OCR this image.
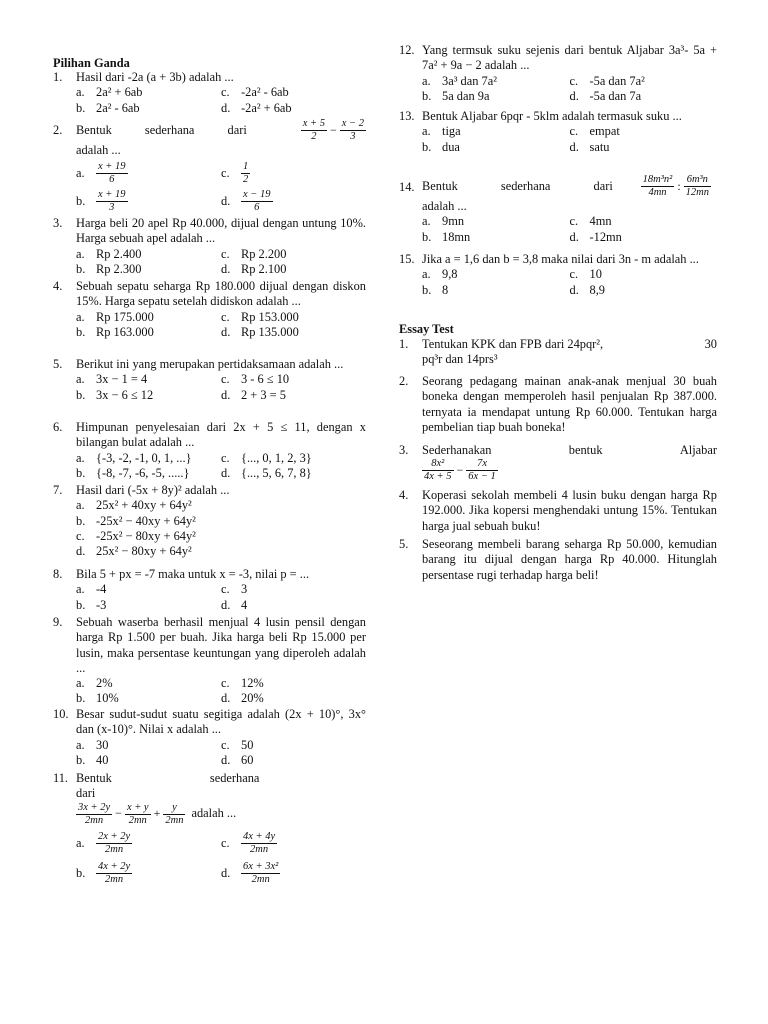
Pilihan Ganda
1. Hasil dari -2a (a + 3b) adalah ...
a. 2a² + 6ab	c. -2a² - 6ab
b. 2a² - 6ab	d. -2a² + 6ab
2. Bentuk sederhana dari	$\frac{x + 5}{2} - \frac{x - 2}{3}$
adalah ...
a.	$\frac{x + 19}{6}$	c.	$\frac{1}{2}$
b.	$\frac{x + 19}{3}$	d.	$\frac{x - 19}{6}$
3. Harga beli 20 apel Rp 40.000, dijual dengan untung 10%. Harga sebuah apel adalah ...
a. Rp 2.400	c. Rp 2.200
b. Rp 2.300	d. Rp 2.100
4. Sebuah sepatu seharga Rp 180.000 dijual dengan diskon 15%. Harga sepatu setelah didiskon adalah ...
a. Rp 175.000	c. Rp 153.000
b. Rp 163.000	d. Rp 135.000
5. Berikut ini yang merupakan pertidaksamaan adalah ...
a. 3x − 1 = 4	c. 3 - 6 ≤ 10
b. 3x − 6 ≤ 12	d. 2 + 3 = 5
6. Himpunan penyelesaian dari 2x + 5 ≤ 11, dengan x bilangan bulat adalah ...
a. {-3, -2, -1, 0, 1, ...} c. {..., 0, 1, 2, 3}
b. {-8, -7, -6, -5, .....}	d. {..., 5, 6, 7, 8}
7. Hasil dari (-5x + 8y)² adalah ...
a. 25x² + 40xy + 64y²
b. -25x² − 40xy + 64y²
c. -25x² − 80xy + 64y²
d. 25x² − 80xy + 64y²
8. Bila 5 + px = -7 maka untuk x = -3, nilai p = ...
a. -4	c. 3
b. -3	d. 4
9. Sebuah waserba berhasil menjual 4 lusin pensil dengan harga Rp 1.500 per buah. Jika harga beli Rp 15.000 per lusin, maka persentase keuntungan yang diperoleh adalah ...
a. 2%	c. 12%
b. 10%	d. 20%
10. Besar sudut-sudut suatu segitiga adalah (2x + 10)°, 3x° dan (x-10)°. Nilai x adalah ...
a. 30	c. 50
b. 40	d. 60
11. Bentuk sederhana dari
$\frac{3x + 2y}{2mn} - \frac{x + y}{2mn} + \frac{y}{2mn}$ adalah ...
a.	$\frac{2x + 2y}{2mn}$	c.	$\frac{4x + 4y}{2mn}$
b.	$\frac{4x + 2y}{2mn}$	d.	$\frac{\text{6x + 3x²}}{2mn}$
12. Yang termsuk suku sejenis dari bentuk Aljabar 3a³- 5a + 7a² + 9a − 2 adalah ...
a. 3a³ dan 7a²	c. -5a dan 7a²
b. 5a dan 9a	d. -5a dan 7a
13. Bentuk Aljabar 6pqr - 5klm adalah termasuk suku ...
a. tiga	c. empat
b. dua	d. satu
14. Bentuk sederhana dari	$\frac{\text{18m³n²}}{4mn}$ : $\frac{\text{6m³n}}{12mn}$
adalah ...
a. 9mn	c. 4mn
b. 18mn	d. -12mn
15. Jika a = 1,6 dan b = 3,8 maka nilai dari 3n - m adalah ...
a. 9,8	c. 10
b. 8	d. 8,9
Essay Test
1. Tentukan KPK dan FPB dari 24pqr²,	30
pq³r dan 14prs³
2. Seorang pedagang mainan anak-anak menjual 30 buah boneka dengan memperoleh hasil penjualan Rp 387.000. ternyata ia mendapat untung Rp 60.000. Tentukan harga pembelian tiap buah boneka!
3. Sederhanakan	bentuk	Aljabar
$\frac{\text{8x²}}{4x + 5} - \frac{7x}{6x - 1}$
4. Koperasi sekolah membeli 4 lusin buku dengan harga Rp 192.000. Jika kopersi menghendaki untung 15%. Tentukan harga jual sebuah buku!
5. Seseorang membeli barang seharga Rp 50.000, kemudian barang itu dijual dengan harga Rp 40.000. Hitunglah persentase rugi terhadap harga beli!
